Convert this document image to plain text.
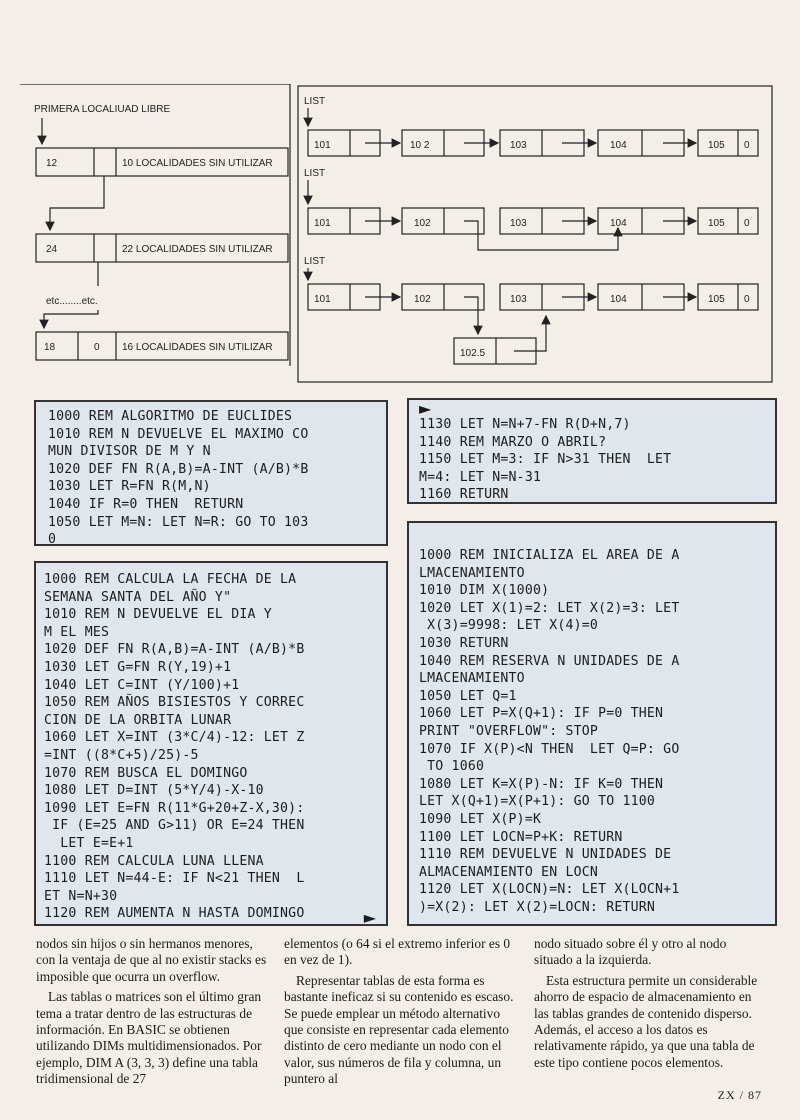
PRIMERA LOCALIUAD LIBRE
12	10 LOCALIDADES SIN UTILIZAR
24	22 LOCALIDADES SIN UTILIZAR
etc........etc.
18	0 16 LOCALIDADES SIN UTILIZAR
LIST
101	10 2	103	104	105 0
LIST
101	102	103	104	105 0
LIST
101	102
102.5
103	104	105 0
1000 REM ALGORITMO DE EUCLIDES
1010 REM N DEVUELVE EL MAXIMO CO
MUN DIVISOR DE M Y N
1020 DEF FN R(A,B)=A-INT (A/B)*B
1030 LET R=FN R(M,N)
1040 IF R=0 THEN  RETURN
1050 LET M=N: LET N=R: GO TO 103
0
►
1130 LET N=N+7-FN R(D+N,7)
1140 REM MARZO O ABRIL?
1150 LET M=3: IF N>31 THEN  LET
M=4: LET N=N-31
1160 RETURN
1000 REM CALCULA LA FECHA DE LA
SEMANA SANTA DEL AÑO Y"
1010 REM N DEVUELVE EL DIA Y
M EL MES
1020 DEF FN R(A,B)=A-INT (A/B)*B
1030 LET G=FN R(Y,19)+1
1040 LET C=INT (Y/100)+1
1050 REM AÑOS BISIESTOS Y CORREC
CION DE LA ORBITA LUNAR
1060 LET X=INT (3*C/4)-12: LET Z
=INT ((8*C+5)/25)-5
1070 REM BUSCA EL DOMINGO
1080 LET D=INT (5*Y/4)-X-10
1090 LET E=FN R(11*G+20+Z-X,30):
IF (E=25 AND G>11) OR E=24 THEN
LET E=E+1
1100 REM CALCULA LUNA LLENA
1110 LET N=44-E: IF N<21 THEN  L
ET N=N+30
1120 REM AUMENTA N HASTA DOMINGO	►
1000 REM INICIALIZA EL AREA DE A
LMACENAMIENTO
1010 DIM X(1000)
1020 LET X(1)=2: LET X(2)=3: LET
X(3)=9998: LET X(4)=0
1030 RETURN
1040 REM RESERVA N UNIDADES DE A
LMACENAMIENTO
1050 LET Q=1
1060 LET P=X(Q+1): IF P=0 THEN
PRINT "OVERFLOW": STOP
1070 IF X(P)<N THEN  LET Q=P: GO
TO 1060
1080 LET K=X(P)-N: IF K=0 THEN
LET X(Q+1)=X(P+1): GO TO 1100
1090 LET X(P)=K
1100 LET LOCN=P+K: RETURN
1110 REM DEVUELVE N UNIDADES DE
ALMACENAMIENTO EN LOCN
1120 LET X(LOCN)=N: LET X(LOCN+1
)=X(2): LET X(2)=LOCN: RETURN

nodos sin hijos o sin hermanos menores, con la ventaja de que al no existir stacks es imposible que ocurra un overflow.

Las tablas o matrices son el último gran tema a tratar dentro de las estructuras de información. En BASIC se obtienen utilizando DIMs multidimensionados. Por ejemplo, DIM A (3, 3, 3) define una tabla tridimensional de 27

elementos (o 64 si el extremo inferior es 0 en vez de 1).

Representar tablas de esta forma es bastante ineficaz si su contenido es escaso. Se puede emplear un método alternativo que consiste en representar cada elemento distinto de cero mediante un nodo con el valor, sus números de fila y columna, un puntero al

nodo situado sobre él y otro al nodo situado a la izquierda.

Esta estructura permite un considerable ahorro de espacio de almacenamiento en las tablas grandes de contenido disperso. Además, el acceso a los datos es relativamente rápido, ya que una tabla de este tipo contiene pocos elementos.

ZX / 87
